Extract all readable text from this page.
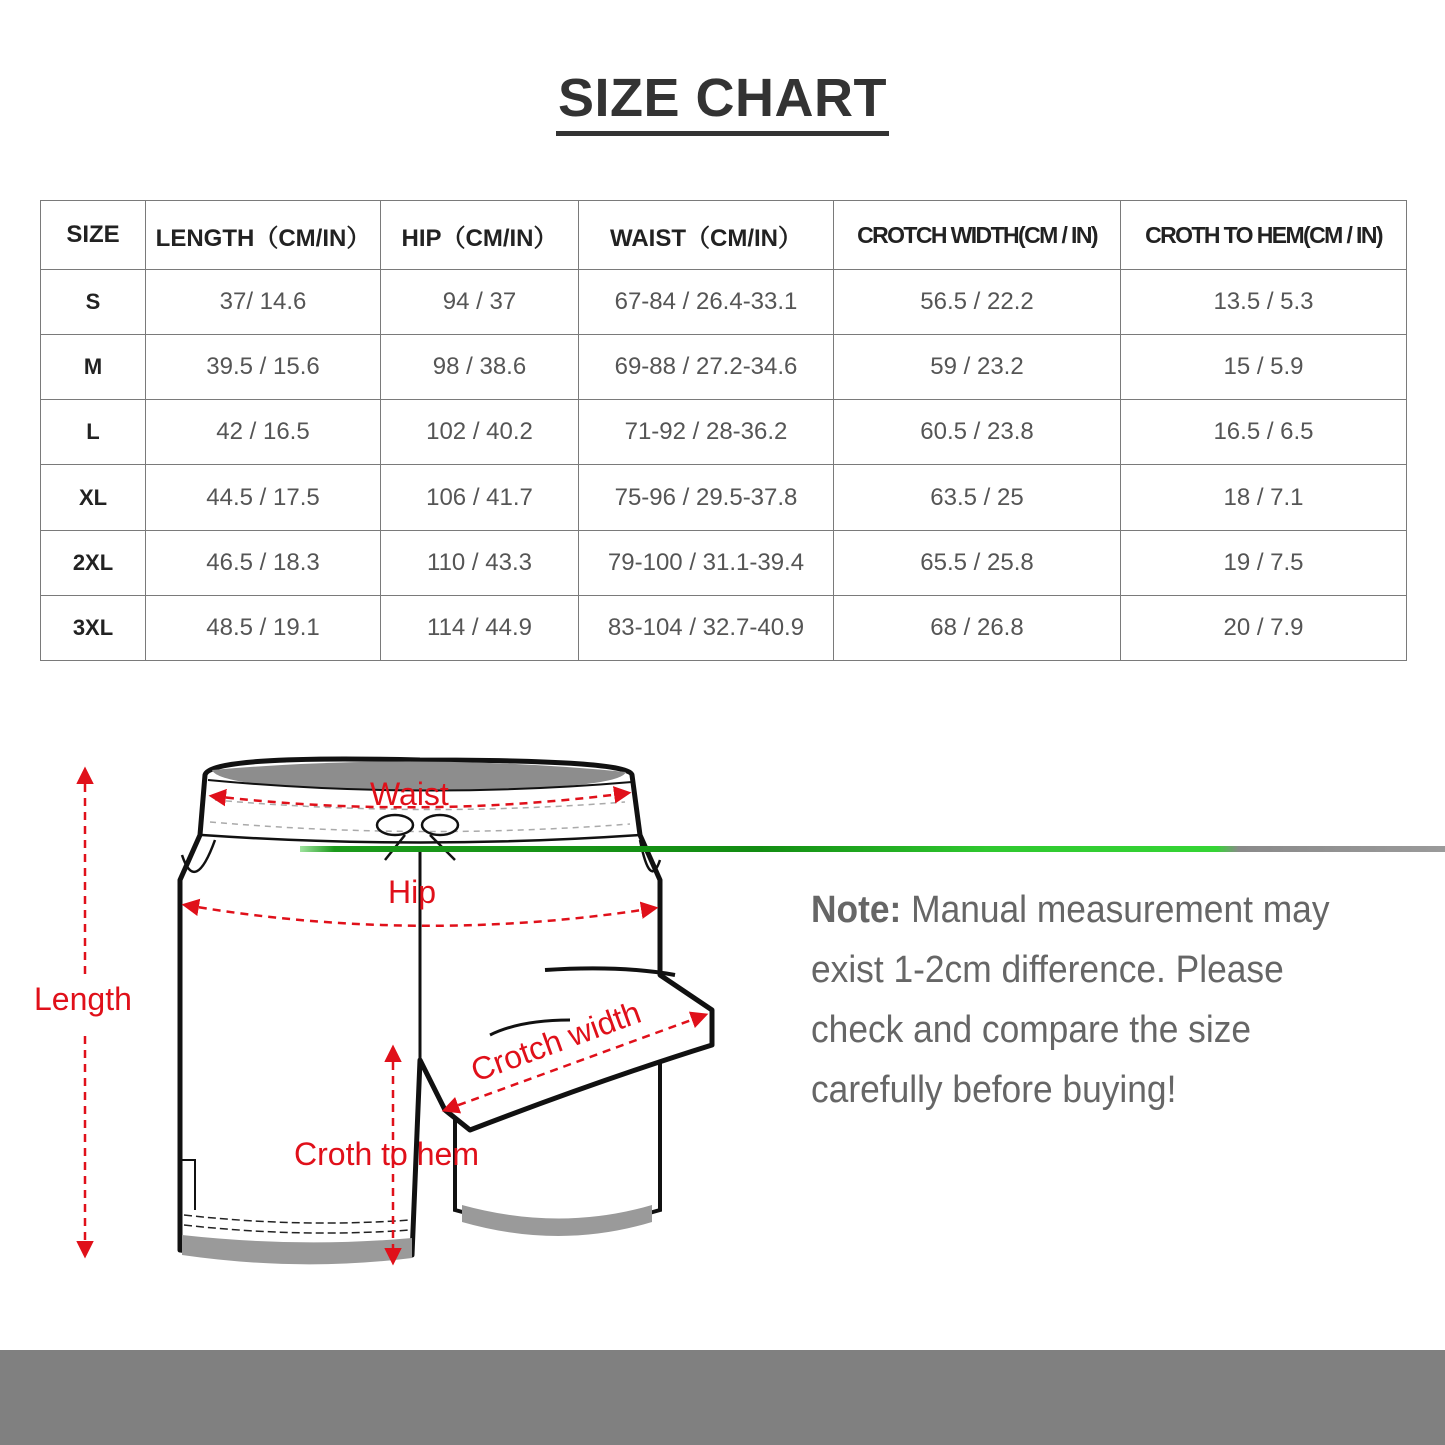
SIZE CHART
SIZE	LENGTH（CM/IN）	HIP（CM/IN）	WAIST（CM/IN）	CROTCH WIDTH(CM / IN)	CROTH TO HEM(CM / IN)
S	37/ 14.6	94 / 37	67-84 / 26.4-33.1	56.5 / 22.2	13.5 / 5.3
M	39.5 / 15.6	98 / 38.6	69-88 / 27.2-34.6	59 / 23.2	15 / 5.9
L	42 / 16.5	102 / 40.2	71-92 / 28-36.2	60.5 / 23.8	16.5 / 6.5
XL	44.5 / 17.5	106 / 41.7	75-96 / 29.5-37.8	63.5 / 25	18 / 7.1
2XL	46.5 / 18.3	110 / 43.3	79-100 / 31.1-39.4	65.5 / 25.8	19 / 7.5
3XL	48.5 / 19.1	114 / 44.9	83-104 / 32.7-40.9	68 / 26.8	20 / 7.9
Waist
Hip
Length	Crotch width
Croth to hem
Note: Manual measurement may exist 1-2cm difference. Please check and compare the size carefully before buying!
